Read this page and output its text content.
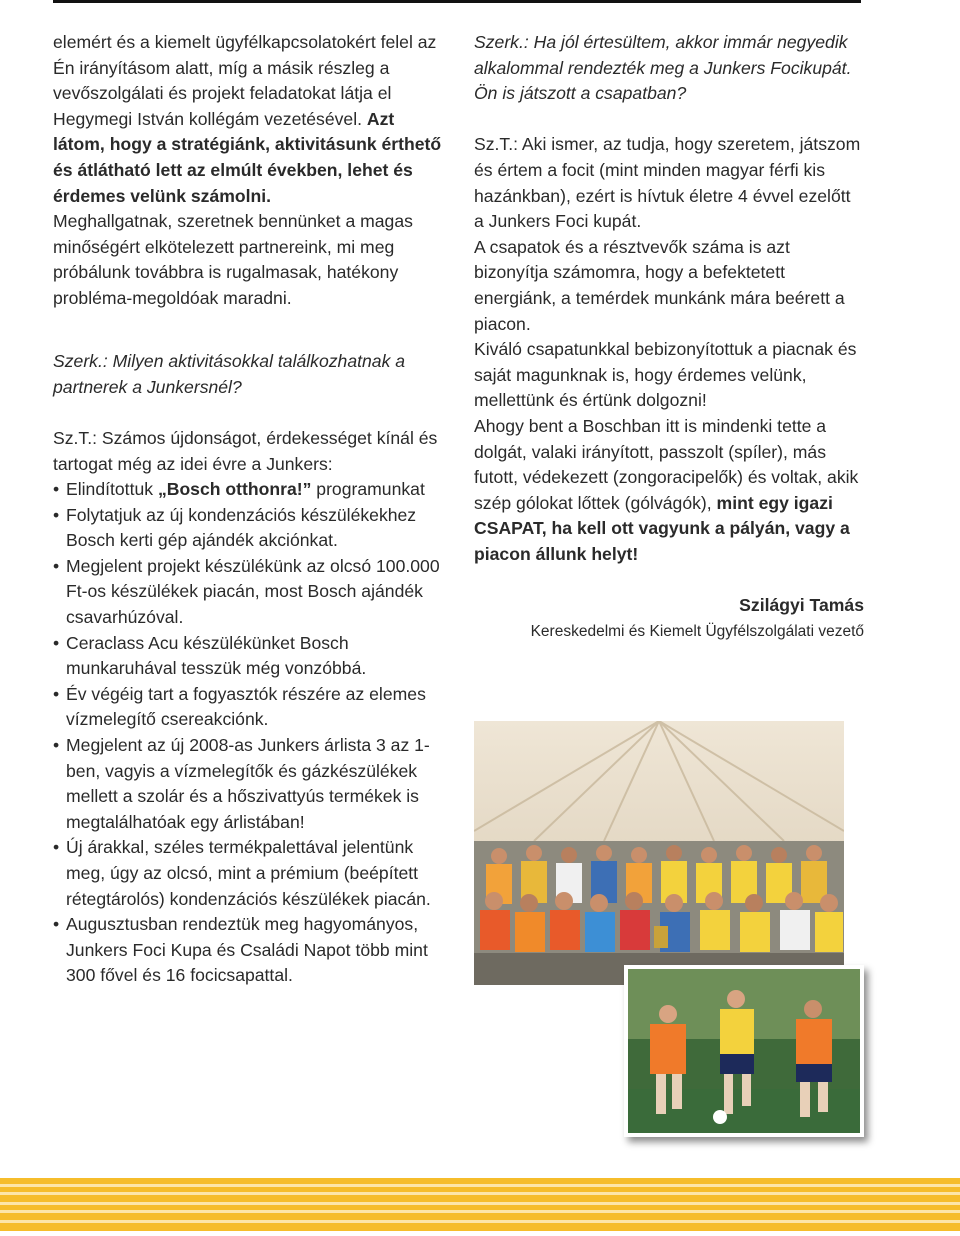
elemért és a kiemelt ügyfélkapcsolatokért felel az Én irányításom alatt, míg a másik részleg a vevőszolgálati és projekt feladatokat látja el Hegymegi István kollégám vezetésével. Azt látom, hogy a stratégiánk, aktivitásunk érthető és átlátható lett az elmúlt években, lehet és érdemes velünk számolni.

Meghallgatnak, szeretnek bennünket a magas minőségért elkötelezett partnereink, mi meg próbálunk továbbra is rugalmasak, hatékony probléma-megoldóak maradni.

Szerk.: Milyen aktivitásokkal találkozhatnak a partnerek a Junkersnél?

Sz.T.: Számos újdonságot, érdekességet kínál és tartogat még az idei évre a Junkers:

• Elindítottuk „Bosch otthonra!” programunkat
• Folytatjuk az új kondenzációs készülékekhez Bosch kerti gép ajándék akciónkat.
• Megjelent projekt készülékünk az olcsó 100.000 Ft-os készülékek piacán, most Bosch ajándék csavarhúzóval.
• Ceraclass Acu készülékünket Bosch munkaruhával tesszük még vonzóbbá.
• Év végéig tart a fogyasztók részére az elemes vízmelegítő csereakciónk.
• Megjelent az új 2008-as Junkers árlista 3 az 1-ben, vagyis a vízmelegítők és gázkészülékek mellett a szolár és a hőszivattyús termékek is megtalálhatóak egy árlistában!
• Új árakkal, széles termékpalettával jelentünk meg, úgy az olcsó, mint a prémium (beépített rétegtárolós) kondenzációs készülékek piacán.
• Augusztusban rendeztük meg hagyományos, Junkers Foci Kupa és Családi Napot több mint 300 fővel és 16 focicsapattal.

Szerk.: Ha jól értesültem, akkor immár negyedik alkalommal rendezték meg a Junkers Focikupát. Ön is játszott a csapatban?

Sz.T.: Aki ismer, az tudja, hogy szeretem, játszom és értem a focit (mint minden magyar férfi kis hazánkban), ezért is hívtuk életre 4 évvel ezelőtt a Junkers Foci kupát.

A csapatok és a résztvevők száma is azt bizonyítja számomra, hogy a befektetett energiánk, a temérdek munkánk mára beérett a piacon.

Kiváló csapatunkkal bebizonyítottuk a piacnak és saját magunknak is, hogy érdemes velünk, mellettünk és értünk dolgozni!

Ahogy bent a Boschban itt is mindenki tette a dolgát, valaki irányított, passzolt (spíler), más futott, védekezett (zongoracipelők) és voltak, akik szép gólokat lőttek (gólvágók), mint egy igazi CSAPAT, ha kell ott vagyunk a pályán, vagy a piacon állunk helyt!

Szilágyi Tamás

Kereskedelmi és Kiemelt Ügyfélszolgálati vezető
